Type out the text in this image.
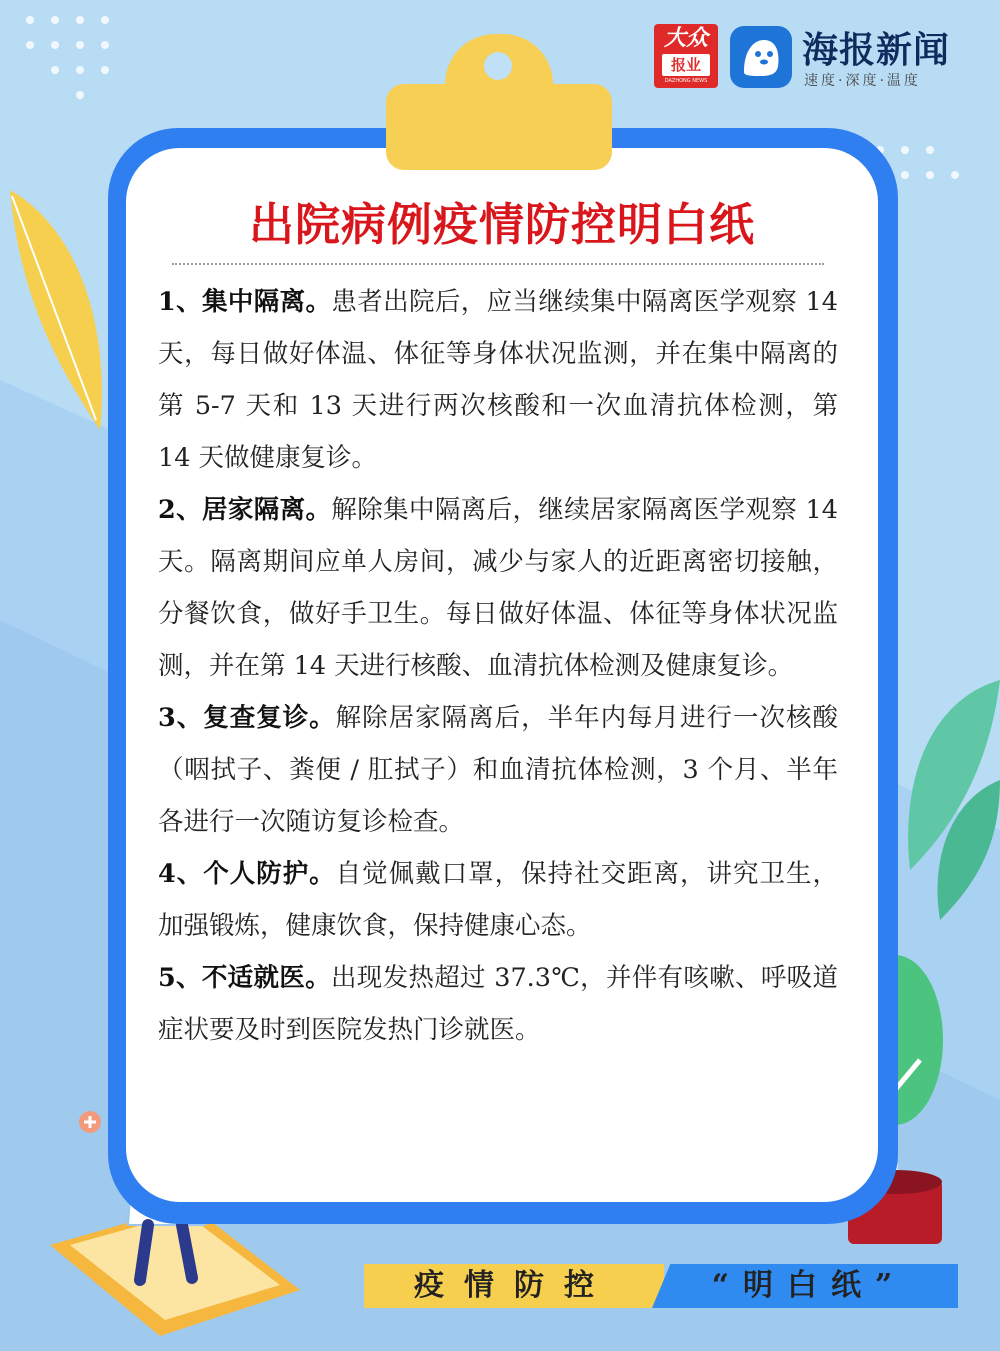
大众
报业
DAZHONG NEWS
海报新闻
速度·深度·温度
出院病例疫情防控明白纸

1、集中隔离。患者出院后，应当继续集中隔离医学观察 14 天，每日做好体温、体征等身体状况监测，并在集中隔离的第 5-7 天和 13 天进行两次核酸和一次血清抗体检测，第 14 天做健康复诊。

2、居家隔离。解除集中隔离后，继续居家隔离医学观察 14 天。隔离期间应单人房间，减少与家人的近距离密切接触，分餐饮食，做好手卫生。每日做好体温、体征等身体状况监测，并在第 14 天进行核酸、血清抗体检测及健康复诊。

3、复查复诊。解除居家隔离后，半年内每月进行一次核酸（咽拭子、粪便 / 肛拭子）和血清抗体检测，3 个月、半年各进行一次随访复诊检查。

4、个人防护。自觉佩戴口罩，保持社交距离，讲究卫生，加强锻炼，健康饮食，保持健康心态。

5、不适就医。出现发热超过 37.3℃，并伴有咳嗽、呼吸道症状要及时到医院发热门诊就医。

疫情防控	“明白纸”
